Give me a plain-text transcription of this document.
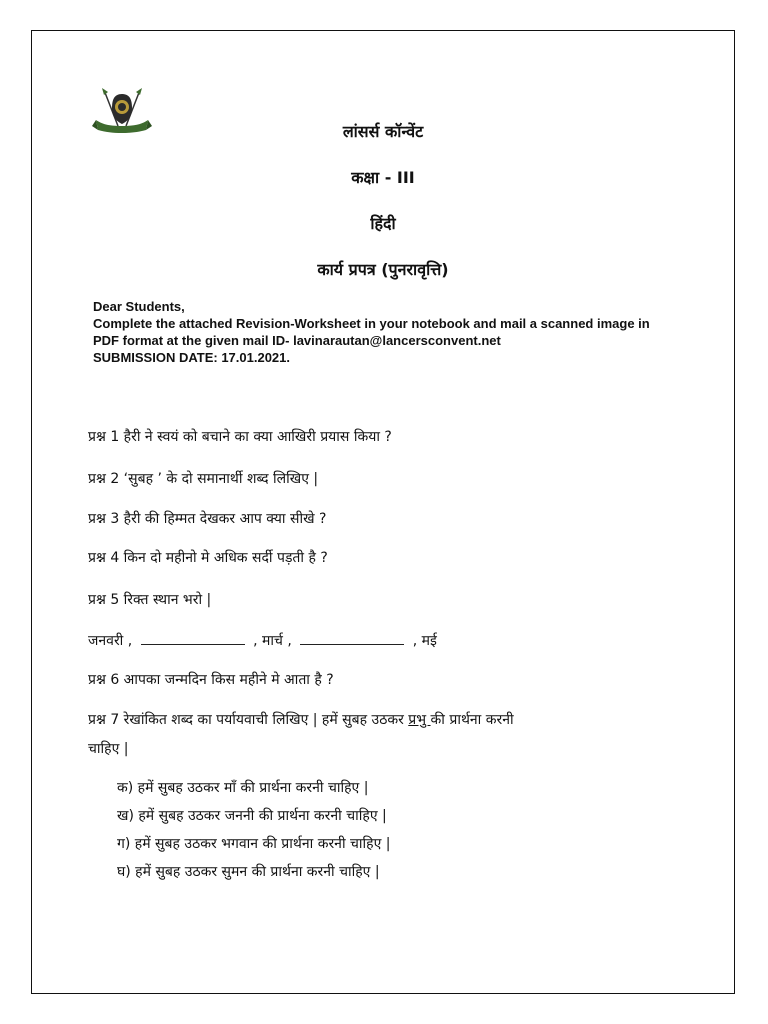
लांसर्स कॉन्वेंट
कक्षा - III
हिंदी
कार्य प्रपत्र (पुनरावृत्ति)
Dear Students,
Complete the attached Revision-Worksheet in your notebook and mail a scanned image in
PDF format at the given mail ID- lavinarautan@lancersconvent.net
SUBMISSION DATE: 17.01.2021.
प्रश्न 1 हैरी ने स्वयं को बचाने का क्या आखिरी प्रयास किया ?
प्रश्न 2 ‘सुबह ’ के दो समानार्थी शब्द लिखिए |
प्रश्न 3 हैरी की हिम्मत देखकर आप क्या सीखे ?
प्रश्न 4 किन दो महीनो मे अधिक सर्दी पड़ती है ?
प्रश्न 5 रिक्त स्थान भरो |
जनवरी ,	, मार्च ,	, मई
प्रश्न 6 आपका जन्मदिन किस महीने मे आता है ?
प्रश्न 7 रेखांकित शब्द का पर्यायवाची लिखिए | हमें सुबह उठकर प्रभु की प्रार्थना करनी
चाहिए |
क) हमें सुबह उठकर माँ की प्रार्थना करनी चाहिए |
ख) हमें सुबह उठकर जननी की प्रार्थना करनी चाहिए |
ग) हमें सुबह उठकर भगवान की प्रार्थना करनी चाहिए |
घ) हमें सुबह उठकर सुमन की प्रार्थना करनी चाहिए |
